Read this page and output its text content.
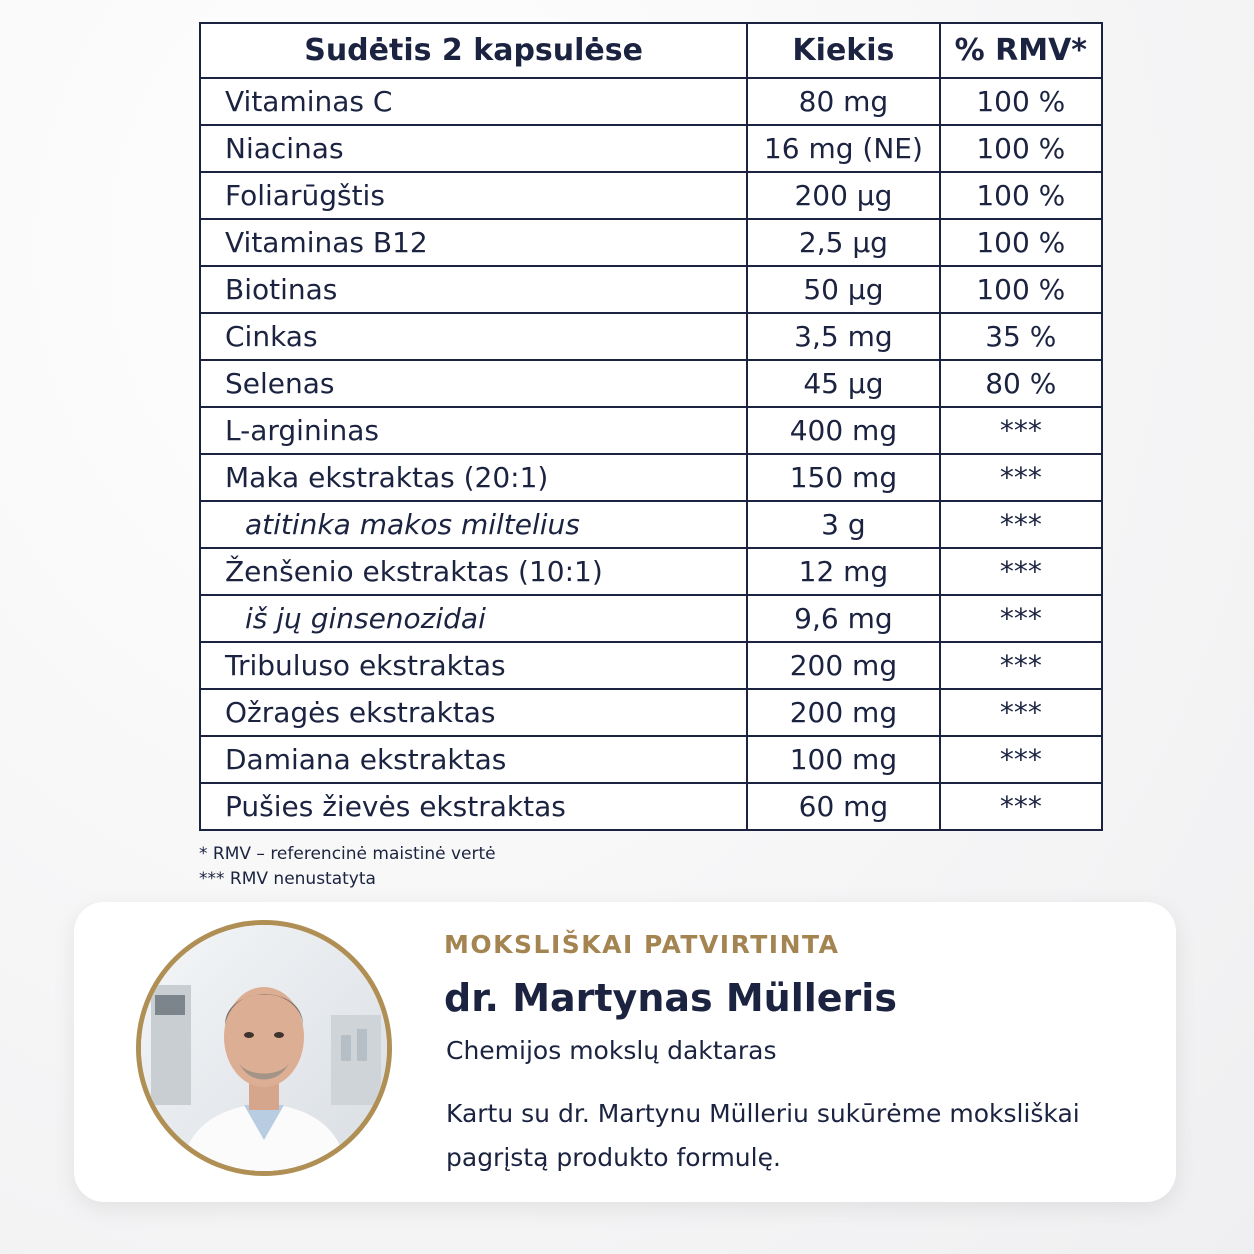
Sudėtis 2 kapsulėse	Kiekis	% RMV*
Vitaminas C	80 mg	100 %
Niacinas	16 mg (NE)	100 %
Foliarūgštis	200 µg	100 %
Vitaminas B12	2,5 µg	100 %
Biotinas	50 µg	100 %
Cinkas	3,5 mg	35 %
Selenas	45 µg	80 %
L-argininas	400 mg	***
Maka ekstraktas (20:1)	150 mg	***
atitinka makos miltelius	3 g	***
Ženšenio ekstraktas (10:1)	12 mg	***
iš jų ginsenozidai	9,6 mg	***
Tribuluso ekstraktas	200 mg	***
Ožragės ekstraktas	200 mg	***
Damiana ekstraktas	100 mg	***
Pušies žievės ekstraktas	60 mg	***
* RMV – referencinė maistinė vertė
*** RMV nenustatyta
MOKSLIŠKAI PATVIRTINTA
dr. Martynas Mülleris
Chemijos mokslų daktaras
Kartu su dr. Martynu Mülleriu sukūrėme moksliškai pagrįstą produkto formulę.
